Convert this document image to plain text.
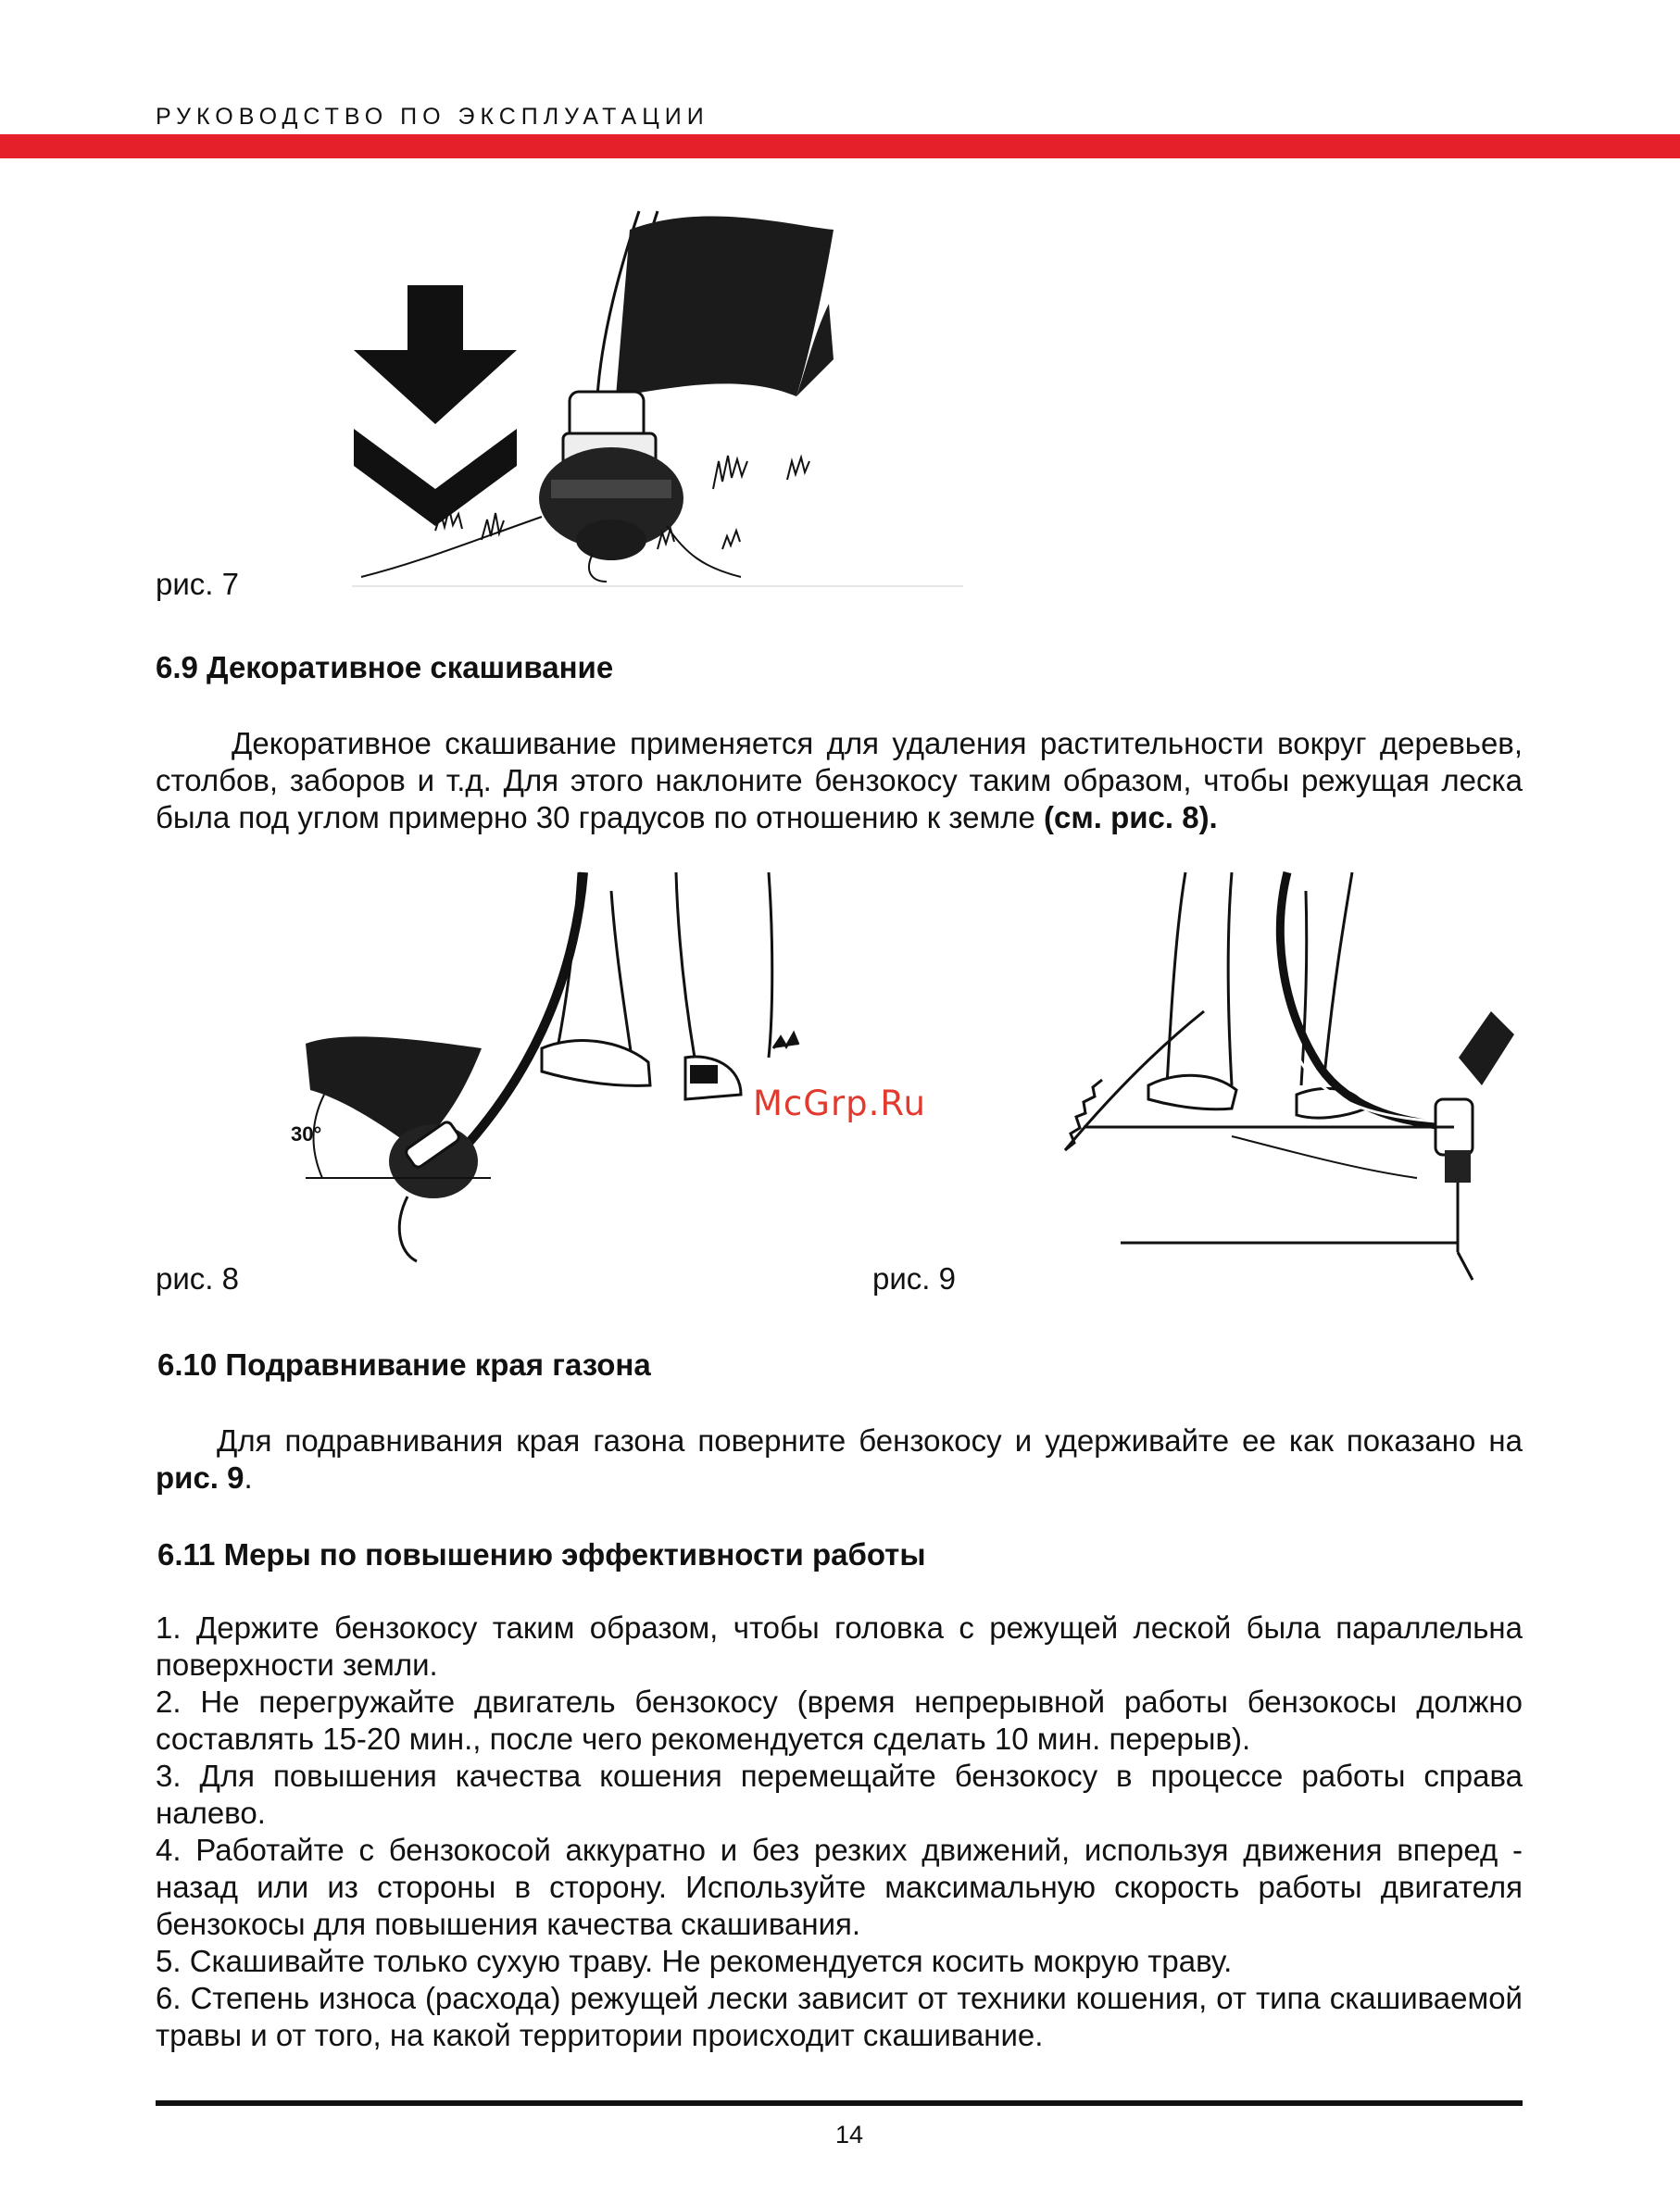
РУКОВОДСТВО ПО ЭКСПЛУАТАЦИИ
рис. 7
6.9 Декоративное скашивание
Декоративное скашивание применяется для удаления растительности вокруг деревьев, столбов, заборов и т.д. Для этого наклоните бензокосу таким образом, чтобы режущая леска была под углом примерно 30 градусов по отношению к земле (см. рис. 8).
30°
McGrp.Ru
рис. 8	рис. 9
6.10 Подравнивание края газона
Для подравнивания края газона поверните бензокосу и удерживайте ее как показано на рис. 9.
6.11 Меры по повышению эффективности работы

1. Держите бензокосу таким образом, чтобы головка с режущей леской была параллельна поверхности земли.

2. Не перегружайте двигатель бензокосу (время непрерывной работы бензокосы должно составлять 15-20 мин., после чего рекомендуется сделать 10 мин. перерыв).

3. Для повышения качества кошения перемещайте бензокосу в процессе работы справа налево.

4. Работайте с бензокосой аккуратно и без резких движений, используя движения вперед - назад или из стороны в сторону. Используйте максимальную скорость работы двигателя бензокосы для повышения качества скашивания.

5. Скашивайте только сухую траву. Не рекомендуется косить мокрую траву.

6. Степень износа (расхода) режущей лески зависит от техники кошения, от типа скашиваемой травы и от того, на какой территории происходит скашивание.

14
